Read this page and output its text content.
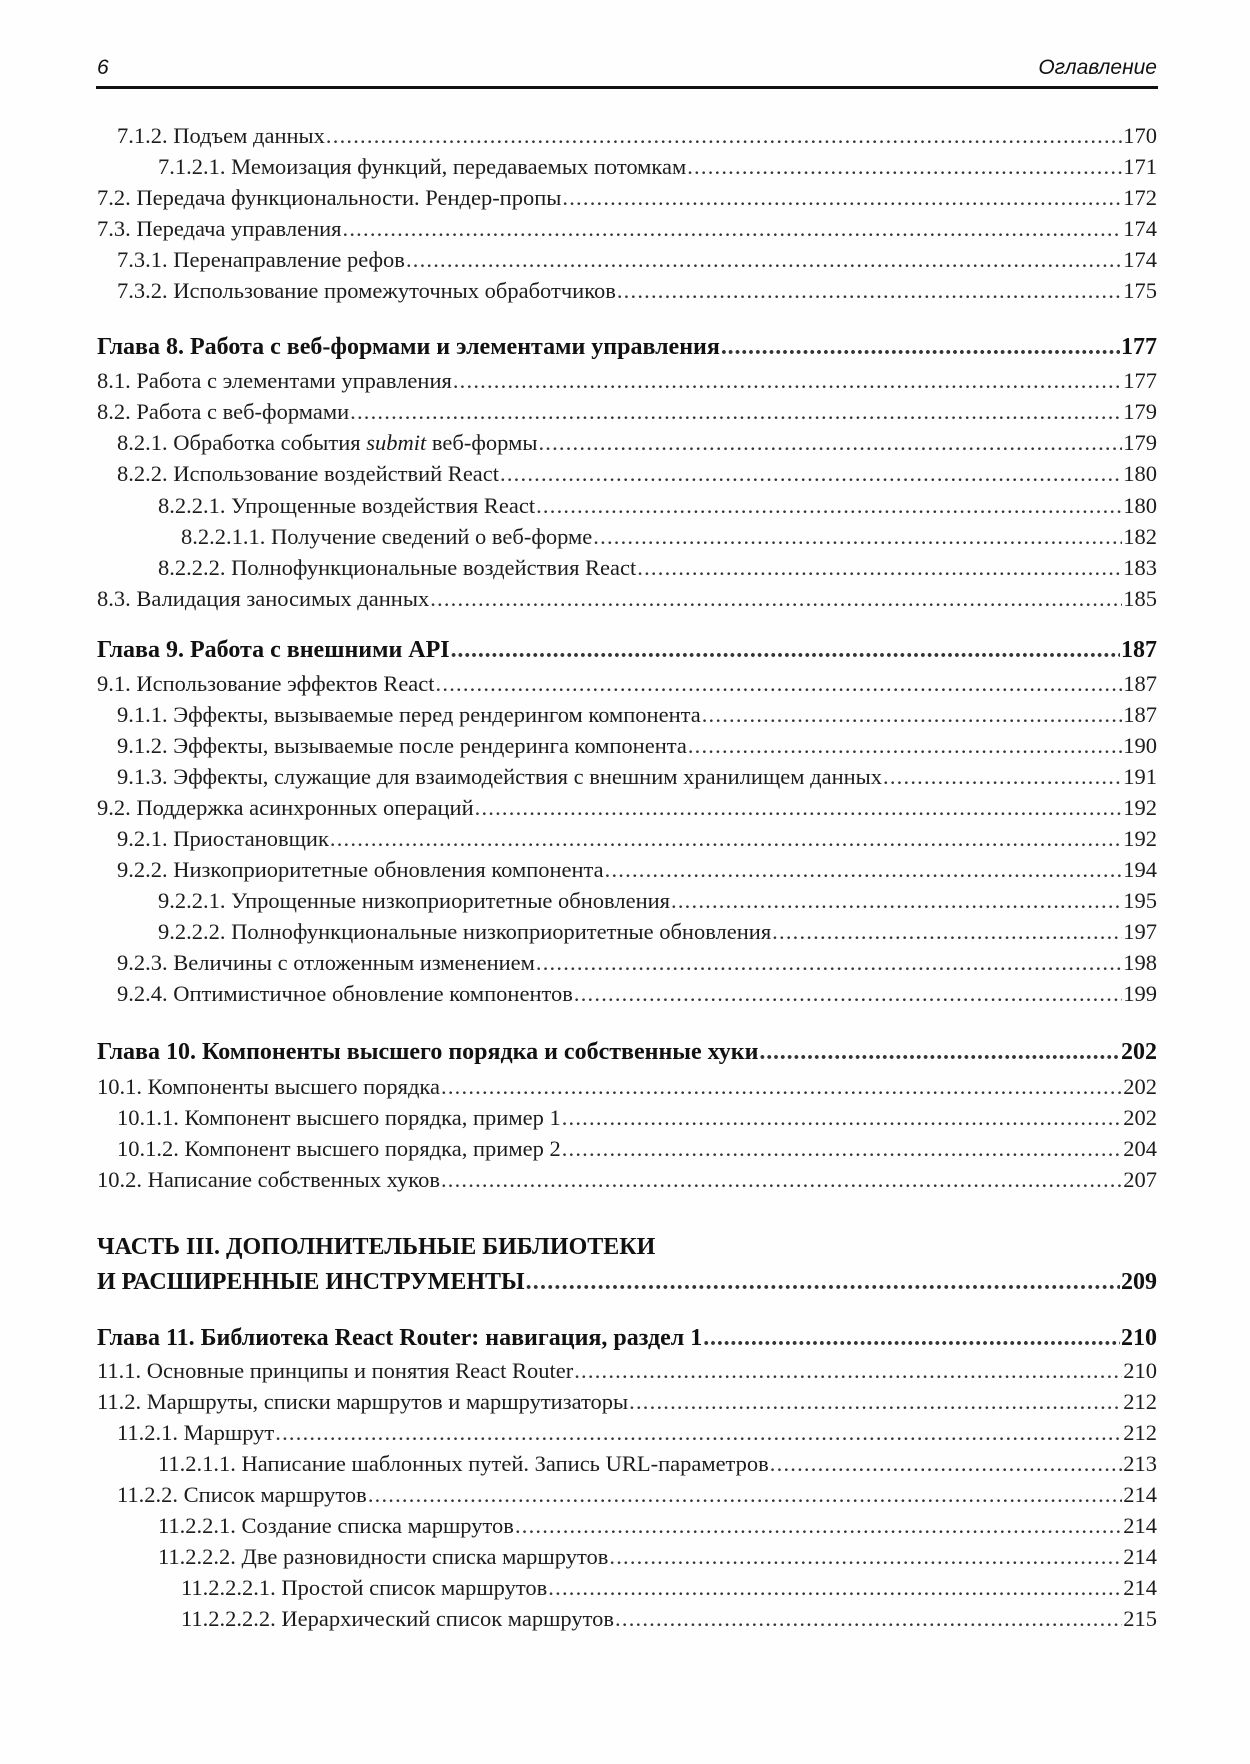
6	Оглавление
7.1.2. Подъем данных .....	170
7.1.2.1. Мемоизация функций, передаваемых потомкам .....	171
7.2. Передача функциональности. Рендер-пропы .....	172
7.3. Передача управления .....	174
7.3.1. Перенаправление рефов .....	174
7.3.2. Использование промежуточных обработчиков .....	175
Глава 8. Работа с веб-формами и элементами управления .....	177
8.1. Работа с элементами управления .....	177
8.2. Работа с веб-формами .....	179
8.2.1. Обработка события submit веб-формы .....	179
8.2.2. Использование воздействий React .....	180
8.2.2.1. Упрощенные воздействия React .....	180
8.2.2.1.1. Получение сведений о веб-форме .....	182
8.2.2.2. Полнофункциональные воздействия React .....	183
8.3. Валидация заносимых данных .....	185
Глава 9. Работа с внешними API .....	187
9.1. Использование эффектов React .....	187
9.1.1. Эффекты, вызываемые перед рендерингом компонента .....	187
9.1.2. Эффекты, вызываемые после рендеринга компонента .....	190
9.1.3. Эффекты, служащие для взаимодействия с внешним хранилищем данных .....	191
9.2. Поддержка асинхронных операций .....	192
9.2.1. Приостановщик .....	192
9.2.2. Низкоприоритетные обновления компонента .....	194
9.2.2.1. Упрощенные низкоприоритетные обновления .....	195
9.2.2.2. Полнофункциональные низкоприоритетные обновления .....	197
9.2.3. Величины с отложенным изменением .....	198
9.2.4. Оптимистичное обновление компонентов .....	199
Глава 10. Компоненты высшего порядка и собственные хуки .....	202
10.1. Компоненты высшего порядка .....	202
10.1.1. Компонент высшего порядка, пример 1 .....	202
10.1.2. Компонент высшего порядка, пример 2 .....	204
10.2. Написание собственных хуков .....	207
ЧАСТЬ III. ДОПОЛНИТЕЛЬНЫЕ БИБЛИОТЕКИ
И РАСШИРЕННЫЕ ИНСТРУМЕНТЫ .....	209
Глава 11. Библиотека React Router: навигация, раздел 1 .....	210
11.1. Основные принципы и понятия React Router .....	210
11.2. Маршруты, списки маршрутов и маршрутизаторы .....	212
11.2.1. Маршрут .....	212
11.2.1.1. Написание шаблонных путей. Запись URL-параметров .....	213
11.2.2. Список маршрутов .....	214
11.2.2.1. Создание списка маршрутов .....	214
11.2.2.2. Две разновидности списка маршрутов .....	214
11.2.2.2.1. Простой список маршрутов .....	214
11.2.2.2.2. Иерархический список маршрутов .....	215
